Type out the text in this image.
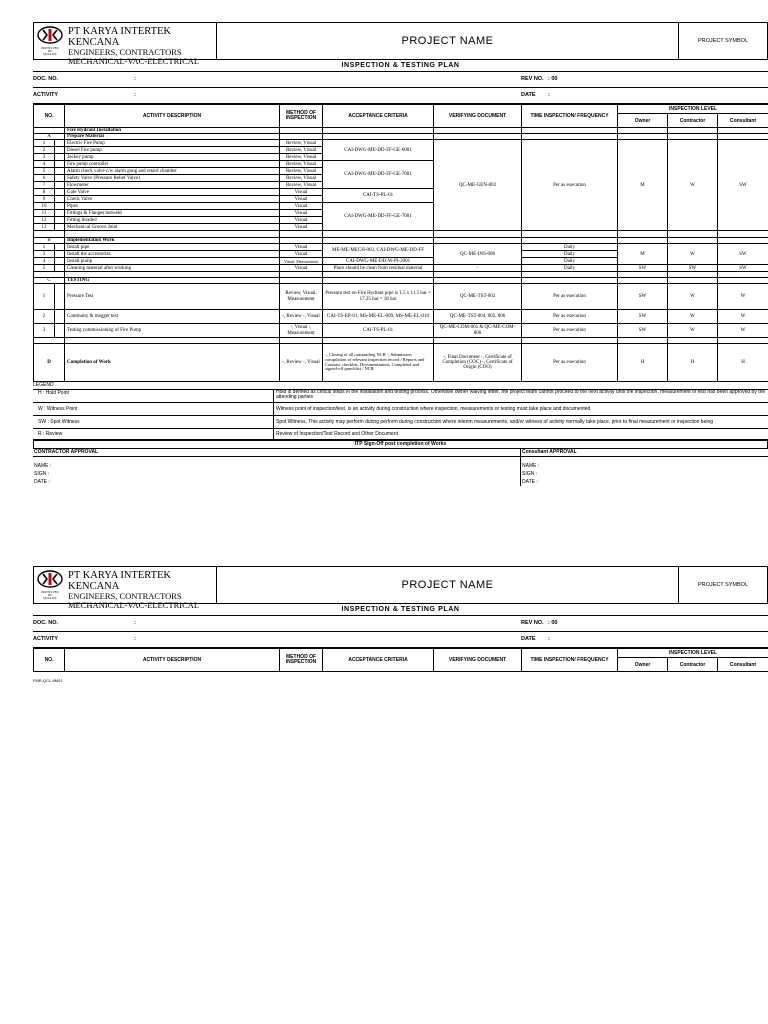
PROTECTED
BY
QUALITY
PT KARYA INTERTEK KENCANA
ENGINEERS, CONTRACTORS
MECHANICAL-VAC-ELECTRICAL
PROJECT NAME	PROJECT SYMBOL
INSPECTION & TESTING PLAN
DOC. NO.	:	REV NO. : 00
ACTIVITY	:	DATE :
NO.		ACTIVITY DESCRIPTION	METHOD OF INSPECTION	ACCEPTANCE CRITERIA	VERIFYING DOCUMENT	TIME INSPECTION/ FREQUENCY	INSPECTION LEVEL		
							Owner	Contractor	Consultant
		Fire Hydrant Installation							
A		Prepare Material							
1		Electric Fire Pump	Review, Visual	CAI-DWG-ME-DD-FF-GE-6001	QC-ME-GEN-002	Per as execution	M	W	SW
2		Diesel Fire pump	Review, Visual						
3		Jockey pump	Review, Visual						
4		Fire pump controller	Review, Visual	CAI-DWG-ME-DD-FF-GE-7001					
5		Alarm check valve c/w alarm gong and retard chamber	Review, Visual						
6		Safety Valve (Pressure Relief Valve)	Review, Visual						
7		Flowmeter	Review, Visual						
8		Gate Valve	Visual	CAI-TS-PL-01					
9		Check Valve	Visual						
10		Pipes	Visual	CAI-DWG-ME-DD-FF-GE-7001					
11		Fittings & Flanges butweld	Visual						
12		Fitting thraded	Visual						
13		Mechanical Groove Joint	Visual						

B		Implementation Work							
1		Install pipe	Visual	ME-ME-MECH-003, CAI-DWG-ME-DD-FF	QC-ME-INS-008	Daily	M	W	SW
3		Install the accessories	Visual			Daily			
4		Install pump	Visual, Measurement	CAI-DWG-ME-DD-W-PI-2001		Daily			
5		Cleaning material after working	Visual	Place should be clean from residual material	-	Daily	SW	SW	SW

C		TESTING							
1		Pressure Test	Review, Visual, Measurement	Pressure test on Fire Hydrant pipe is 1.5 x 11.5 bar = 17.25 bar = 18 bar	QC-ME-TST-002	Per as execution	SW	W	W
2		Continuity & megger test	-, Review -, Visual	CAI-TS-EP-01, MS-ME-EL-009, MS-ME-EL-010	QC-ME-TST-004, 005, 006	Per as execution	SW	W	W
3		Testing commissioning of Fire Pump	-, Visual -, Measurement	CAI-TS-PL-01	QC-ME-COM-005 & QC-ME-COM-006	Per as execution	SW	W	W

D		Completion of Work	-, Review -, Visual	-, Closing of all outstanding NCR -, Submission compilation of relevant inspection record / Reports and Contract checklist, Documentations, Completed and signed-off punchlist / NCR	-, Final Document -, Certificate of Completion (COC) -, Certificate of Origin (COO)	Per as execution	H	H	H
LEGEND
H : Hold Point	Hold is defined as critical steps in the installation and testing process. Otherwise owner waiving letter, the project team cannot proceed to the next activity until the inspection, measurement or test has been approved by the attending parties
W : Witness Point	Witness point of inspection/test, is an activity during construction where inspection, measurements or testing must take place and documented
SW : Spot Witness	Spot Witness, This activity may perform during perform during construction where interim measurements, and/or witness of activity normally take place, prior to final measurement or inspection being
R : Review	Review of Inspection/Test Record and Other Document
ITP Sign-Off post completion of Works
CONTRACTOR APPROVAL
NAME :
SIGN :
DATE :
Consultant APPROVAL
NAME :
SIGN :
DATE :
PROTECTED
BY
QUALITY
PT KARYA INTERTEK KENCANA
ENGINEERS, CONTRACTORS
MECHANICAL-VAC-ELECTRICAL
PROJECT NAME	PROJECT SYMBOL
INSPECTION & TESTING PLAN
DOC. NO.	:	REV NO. : 00
ACTIVITY	:	DATE :
NO.	ACTIVITY DESCRIPTION	METHOD OF INSPECTION	ACCEPTANCE CRITERIA	VERIFYING DOCUMENT	TIME INSPECTION/ FREQUENCY	INSPECTION LEVEL		
						Owner	Contractor	Consultant
FMR-QCL-IIM01
